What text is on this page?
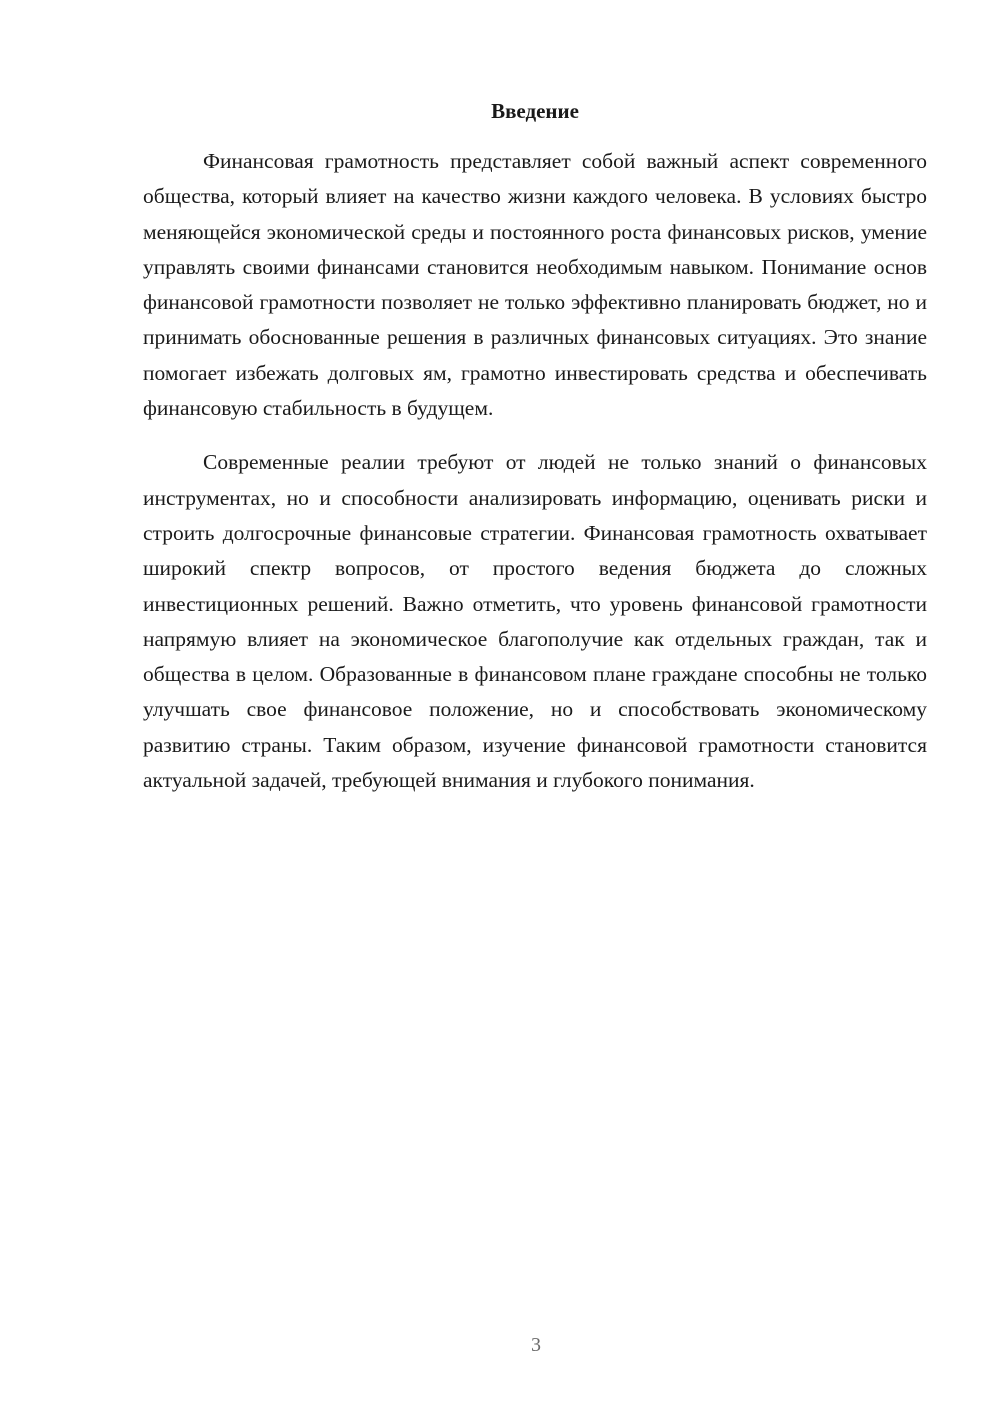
Введение

Финансовая грамотность представляет собой важный аспект современного общества, который влияет на качество жизни каждого человека. В условиях быстро меняющейся экономической среды и постоянного роста финансовых рисков, умение управлять своими финансами становится необходимым навыком. Понимание основ финансовой грамотности позволяет не только эффективно планировать бюджет, но и принимать обоснованные решения в различных финансовых ситуациях. Это знание помогает избежать долговых ям, грамотно инвестировать средства и обеспечивать финансовую стабильность в будущем.

Современные реалии требуют от людей не только знаний о финансовых инструментах, но и способности анализировать информацию, оценивать риски и строить долгосрочные финансовые стратегии. Финансовая грамотность охватывает широкий спектр вопросов, от простого ведения бюджета до сложных инвестиционных решений. Важно отметить, что уровень финансовой грамотности напрямую влияет на экономическое благополучие как отдельных граждан, так и общества в целом. Образованные в финансовом плане граждане способны не только улучшать свое финансовое положение, но и способствовать экономическому развитию страны. Таким образом, изучение финансовой грамотности становится актуальной задачей, требующей внимания и глубокого понимания.

3
